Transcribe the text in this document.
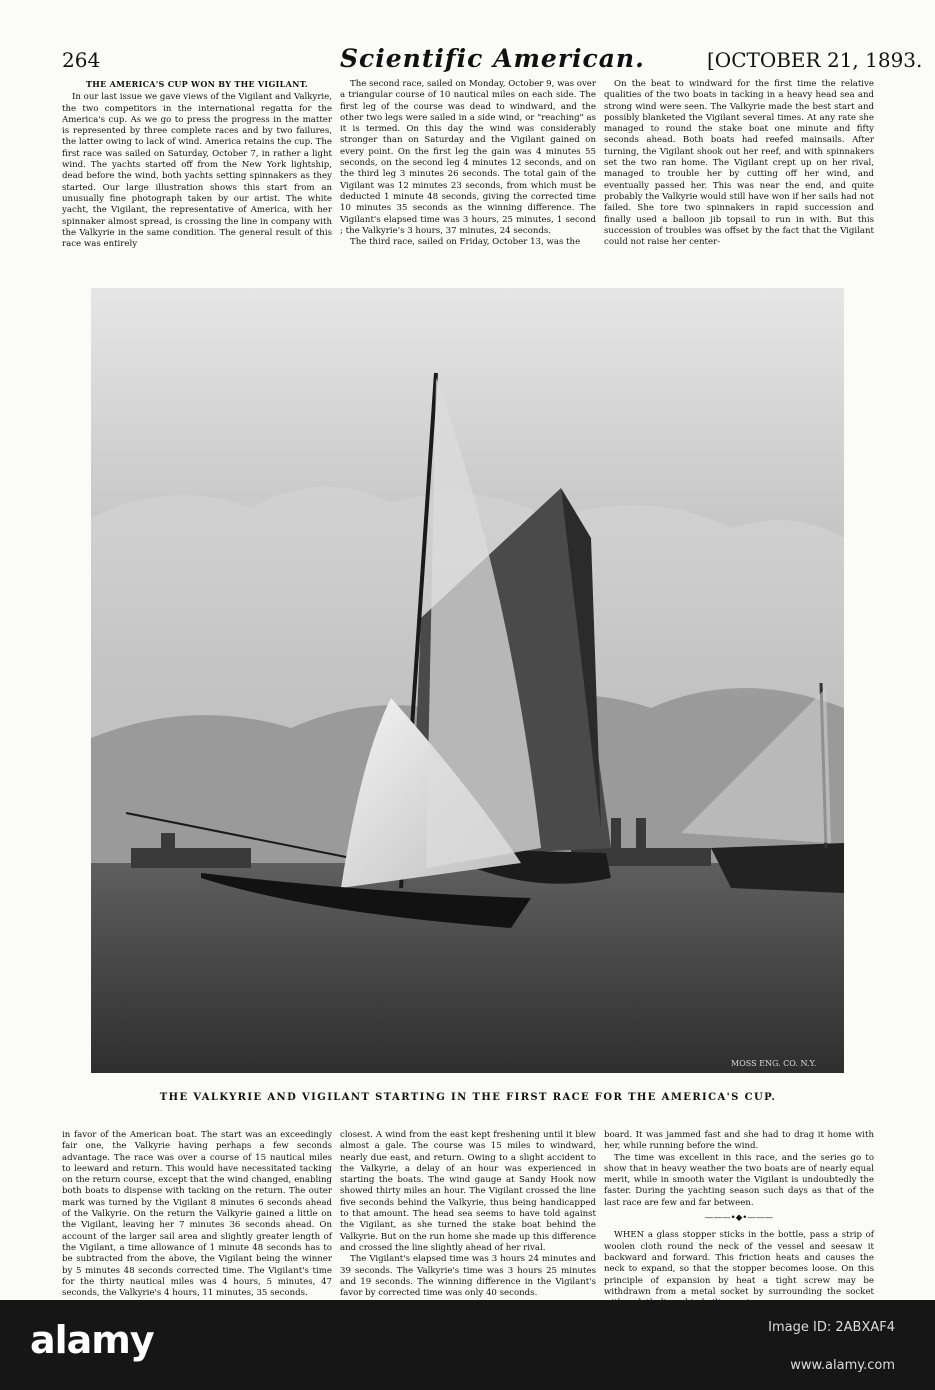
264	Scientific American.	[OCTOBER 21, 1893.

THE AMERICA'S CUP WON BY THE VIGILANT.

In our last issue we gave views of the Vigilant and Valkyrie, the two competitors in the international regatta for the America's cup. As we go to press the progress in the matter is represented by three complete races and by two failures, the latter owing to lack of wind. America retains the cup. The first race was sailed on Saturday, October 7, in rather a light wind. The yachts started off from the New York lightship, dead before the wind, both yachts setting spinnakers as they started. Our large illustration shows this start from an unusually fine photograph taken by our artist. The white yacht, the Vigilant, the representative of America, with her spinnaker almost spread, is crossing the line in company with the Valkyrie in the same condition. The general result of this race was entirely

The second race, sailed on Monday, October 9, was over a triangular course of 10 nautical miles on each side. The first leg of the course was dead to windward, and the other two legs were sailed in a side wind, or "reaching" as it is termed. On this day the wind was considerably stronger than on Saturday and the Vigilant gained on every point. On the first leg the gain was 4 minutes 55 seconds, on the second leg 4 minutes 12 seconds, and on the third leg 3 minutes 26 seconds. The total gain of the Vigilant was 12 minutes 23 seconds, from which must be deducted 1 minute 48 seconds, giving the corrected time 10 minutes 35 seconds as the winning difference. The Vigilant's elapsed time was 3 hours, 25 minutes, 1 second ; the Valkyrie's 3 hours, 37 minutes, 24 seconds.

The third race, sailed on Friday, October 13, was the

On the beat to windward for the first time the relative qualities of the two boats in tacking in a heavy head sea and strong wind were seen. The Valkyrie made the best start and possibly blanketed the Vigilant several times. At any rate she managed to round the stake boat one minute and fifty seconds ahead. Both boats had reefed mainsails. After turning, the Vigilant shook out her reef, and with spinnakers set the two ran home. The Vigilant crept up on her rival, managed to trouble her by cutting off her wind, and eventually passed her. This was near the end, and quite probably the Valkyrie would still have won if her sails had not failed. She tore two spinnakers in rapid succession and finally used a balloon jib topsail to run in with. But this succession of troubles was offset by the fact that the Vigilant could not raise her center-

MOSS ENG. CO. N.Y.
THE VALKYRIE AND VIGILANT STARTING IN THE FIRST RACE FOR THE AMERICA'S CUP.

in favor of the American boat. The start was an exceedingly fair one, the Valkyrie having perhaps a few seconds advantage. The race was over a course of 15 nautical miles to leeward and return. This would have necessitated tacking on the return course, except that the wind changed, enabling both boats to dispense with tacking on the return. The outer mark was turned by the Vigilant 8 minutes 6 seconds ahead of the Valkyrie. On the return the Valkyrie gained a little on the Vigilant, leaving her 7 minutes 36 seconds ahead. On account of the larger sail area and slightly greater length of the Vigilant, a time allowance of 1 minute 48 seconds has to be subtracted from the above, the Vigilant being the winner by 5 minutes 48 seconds corrected time. The Vigilant's time for the thirty nautical miles was 4 hours, 5 minutes, 47 seconds, the Valkyrie's 4 hours, 11 minutes, 35 seconds.

closest. A wind from the east kept freshening until it blew almost a gale. The course was 15 miles to windward, nearly due east, and return. Owing to a slight accident to the Valkyrie, a delay of an hour was experienced in starting the boats. The wind gauge at Sandy Hook now showed thirty miles an hour. The Vigilant crossed the line five seconds behind the Valkyrie, thus being handicapped to that amount. The head sea seems to have told against the Vigilant, as she turned the stake boat behind the Valkyrie. But on the run home she made up this difference and crossed the line slightly ahead of her rival.

The Vigilant's elapsed time was 3 hours 24 minutes and 39 seconds. The Valkyrie's time was 3 hours 25 minutes and 19 seconds. The winning difference in the Vigilant's favor by corrected time was only 40 seconds.

board. It was jammed fast and she had to drag it home with her, while running before the wind.

The time was excellent in this race, and the series go to show that in heavy weather the two boats are of nearly equal merit, while in smooth water the Vigilant is undoubtedly the faster. During the yachting season such days as that of the last race are few and far between.

———•◆•———

WHEN a glass stopper sticks in the bottle, pass a strip of woolen cloth round the neck of the vessel and seesaw it backward and forward. This friction heats and causes the neck to expand, so that the stopper becomes loose. On this principle of expansion by heat a tight screw may be withdrawn from a metal socket by surrounding the socket

alamy	Image ID: 2ABXAF4
www.alamy.com
